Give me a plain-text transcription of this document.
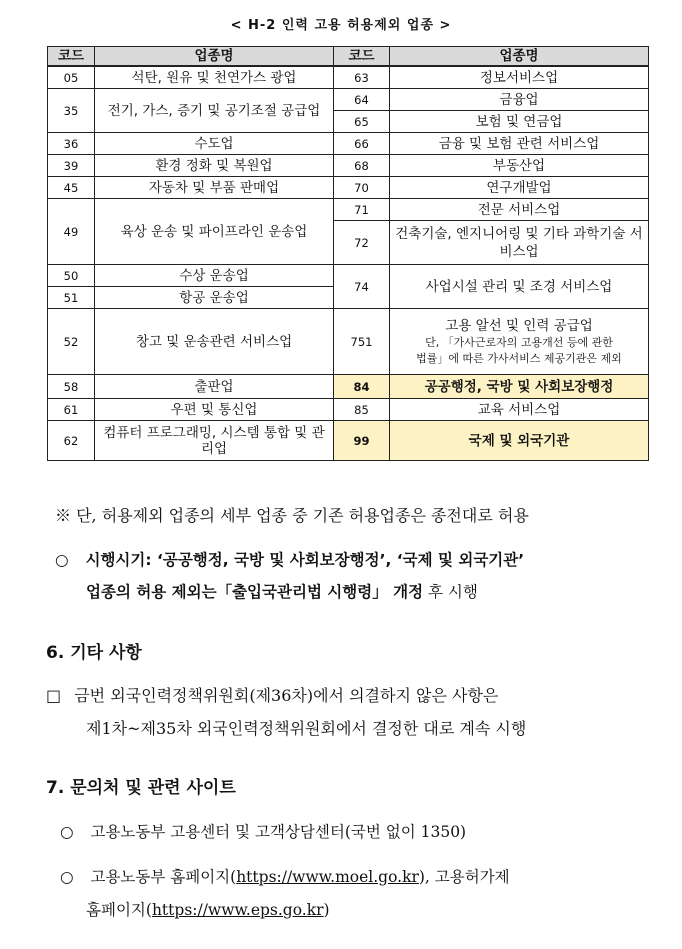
< H-2 인력 고용 허용제외 업종 >
코드	업종명	코드	업종명
05	석탄, 원유 및 천연가스 광업	63	정보서비스업
35	전기, 가스, 증기 및 공기조절 공급업	64	금융업
		65	보험 및 연금업
36	수도업	66	금융 및 보험 관련 서비스업
39	환경 정화 및 복원업	68	부동산업
45	자동차 및 부품 판매업	70	연구개발업
49	육상 운송 및 파이프라인 운송업	71	전문 서비스업
		72	건축기술, 엔지니어링 및 기타 과학기술 서비스업
50	수상 운송업	74	사업시설 관리 및 조경 서비스업
51	항공 운송업		
52	창고 및 운송관련 서비스업	751	고용 알선 및 인력 공급업
단, 「가사근로자의 고용개선 등에 관한
법률」에 따른 가사서비스 제공기관은 제외

58	출판업	84	공공행정, 국방 및 사회보장행정
61	우편 및 통신업	85	교육 서비스업
62	컴퓨터 프로그래밍, 시스템 통합 및 관리업	99	국제 및 외국기관
※ 단, 허용제외 업종의 세부 업종 중 기존 허용업종은 종전대로 허용
○ 시행시기: ‘공공행정, 국방 및 사회보장행정’, ‘국제 및 외국기관’
업종의 허용 제외는「출입국관리법 시행령」 개정 후 시행
6. 기타 사항
□ 금번 외국인력정책위원회(제36차)에서 의결하지 않은 사항은
제1차~제35차 외국인력정책위원회에서 결정한 대로 계속 시행
7. 문의처 및 관련 사이트
○ 고용노동부 고용센터 및 고객상담센터(국번 없이 1350)
○ 고용노동부 홈페이지(https://www.moel.go.kr), 고용허가제
홈페이지(https://www.eps.go.kr)
